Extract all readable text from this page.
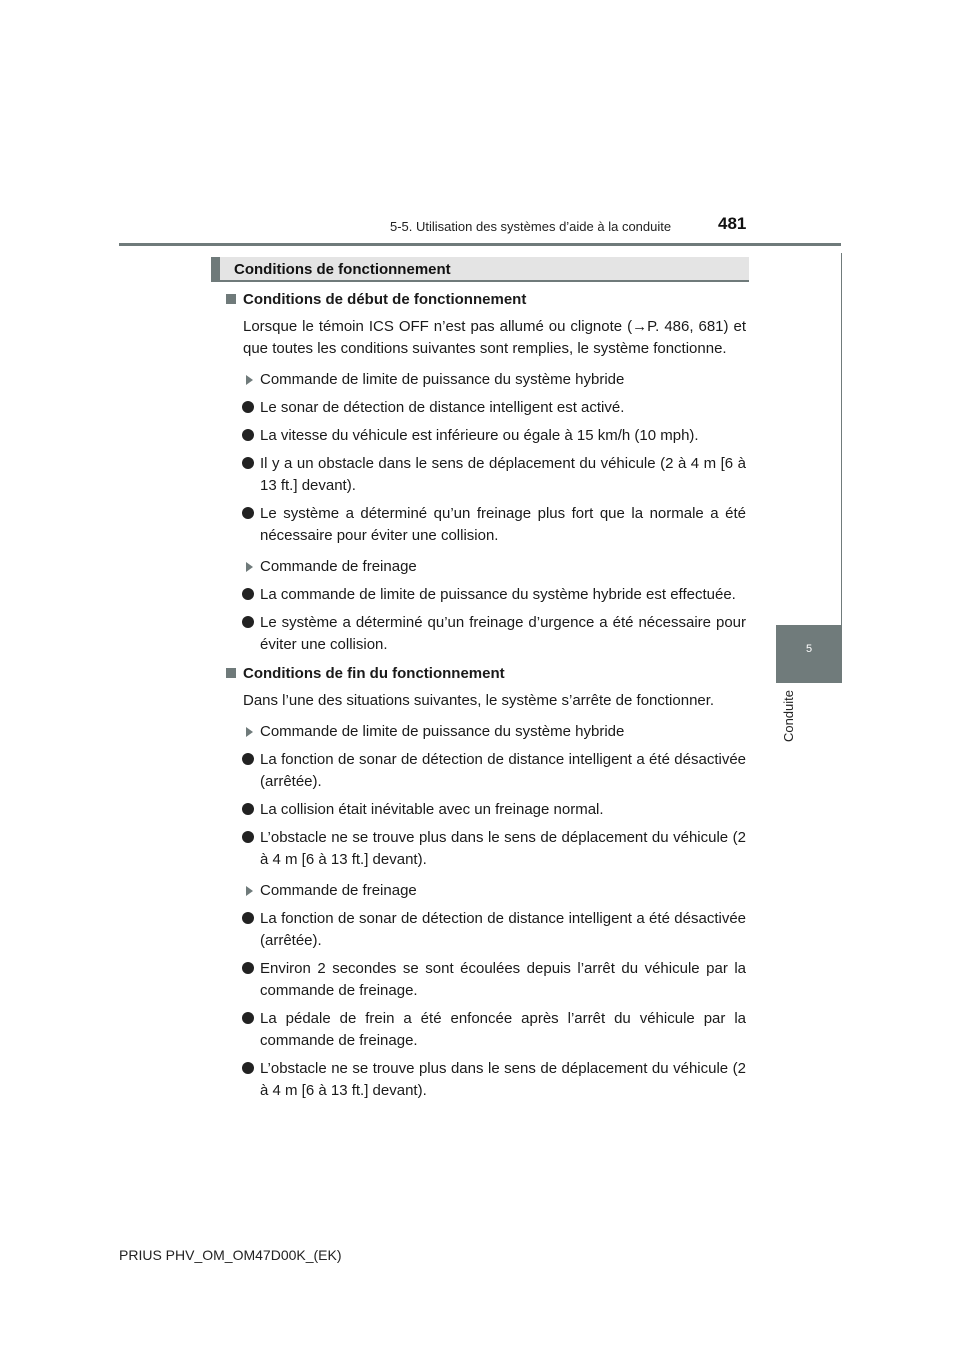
5-5. Utilisation des systèmes d’aide à la conduite	481
5
Conduite
Conditions de fonctionnement

Conditions de début de fonctionnement

Lorsque le témoin ICS OFF n’est pas allumé ou clignote (→P. 486, 681) et que toutes les conditions suivantes sont remplies, le système fonctionne.

Commande de limite de puissance du système hybride

Le sonar de détection de distance intelligent est activé.

La vitesse du véhicule est inférieure ou égale à 15 km/h (10 mph).

Il y a un obstacle dans le sens de déplacement du véhicule (2 à 4 m [6 à 13 ft.] devant).

Le système a déterminé qu’un freinage plus fort que la normale a été nécessaire pour éviter une collision.

Commande de freinage

La commande de limite de puissance du système hybride est effectuée.

Le système a déterminé qu’un freinage d’urgence a été nécessaire pour éviter une collision.

Conditions de fin du fonctionnement

Dans l’une des situations suivantes, le système s’arrête de fonctionner.

Commande de limite de puissance du système hybride

La fonction de sonar de détection de distance intelligent a été désactivée (arrêtée).

La collision était inévitable avec un freinage normal.

L’obstacle ne se trouve plus dans le sens de déplacement du véhicule (2 à 4 m [6 à 13 ft.] devant).

Commande de freinage

La fonction de sonar de détection de distance intelligent a été désactivée (arrêtée).

Environ 2 secondes se sont écoulées depuis l’arrêt du véhicule par la commande de freinage.

La pédale de frein a été enfoncée après l’arrêt du véhicule par la commande de freinage.

L’obstacle ne se trouve plus dans le sens de déplacement du véhicule (2 à 4 m [6 à 13 ft.] devant).

PRIUS PHV_OM_OM47D00K_(EK)
